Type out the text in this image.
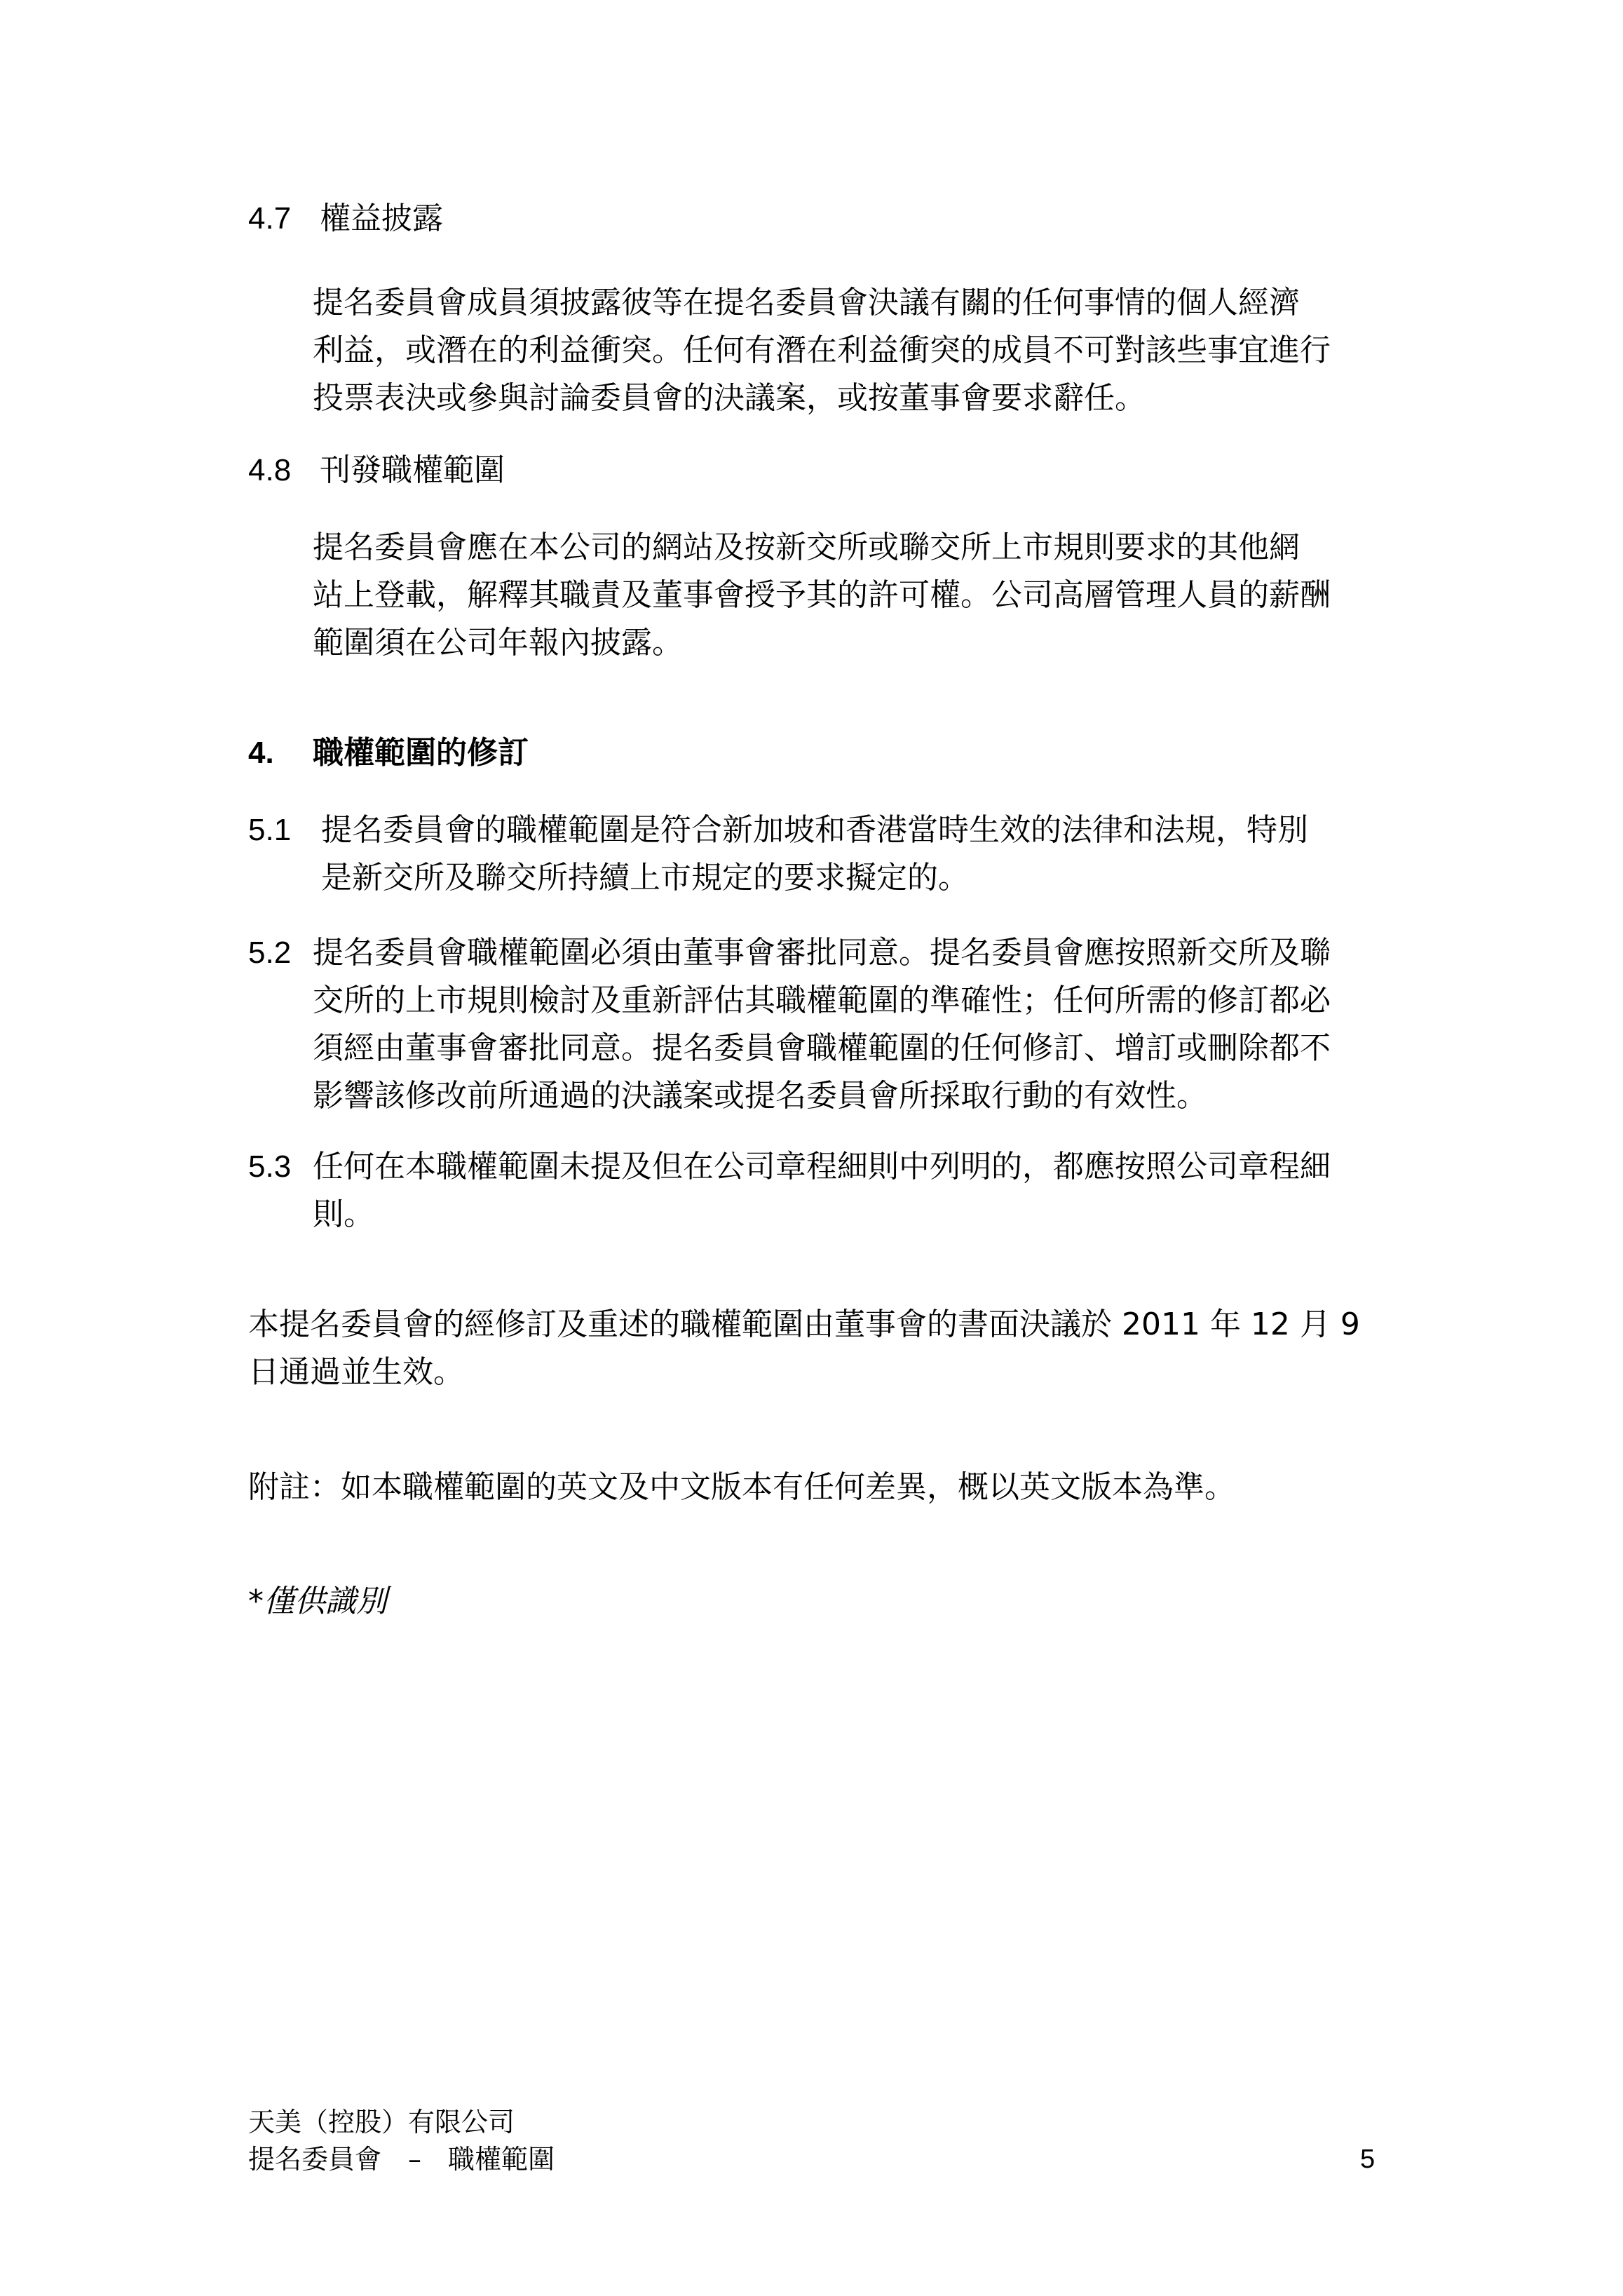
4.7 權益披露
提名委員會成員須披露彼等在提名委員會決議有關的任何事情的個人經濟
利益，或潛在的利益衝突。任何有潛在利益衝突的成員不可對該些事宜進行
投票表決或參與討論委員會的決議案，或按董事會要求辭任。
4.8 刊發職權範圍
提名委員會應在本公司的網站及按新交所或聯交所上市規則要求的其他網
站上登載，解釋其職責及董事會授予其的許可權。公司高層管理人員的薪酬
範圍須在公司年報內披露。
4. 職權範圍的修訂
5.1 提名委員會的職權範圍是符合新加坡和香港當時生效的法律和法規，特別
是新交所及聯交所持續上市規定的要求擬定的。
5.2 提名委員會職權範圍必須由董事會審批同意。提名委員會應按照新交所及聯
交所的上市規則檢討及重新評估其職權範圍的準確性；任何所需的修訂都必
須經由董事會審批同意。提名委員會職權範圍的任何修訂、增訂或刪除都不
影響該修改前所通過的決議案或提名委員會所採取行動的有效性。
5.3 任何在本職權範圍未提及但在公司章程細則中列明的，都應按照公司章程細
則。
本提名委員會的經修訂及重述的職權範圍由董事會的書面決議於 2011 年 12 月 9
日通過並生效。
附註：如本職權範圍的英文及中文版本有任何差異，概以英文版本為準。
*僅供識別
天美（控股）有限公司
提名委員會　–　職權範圍	5
